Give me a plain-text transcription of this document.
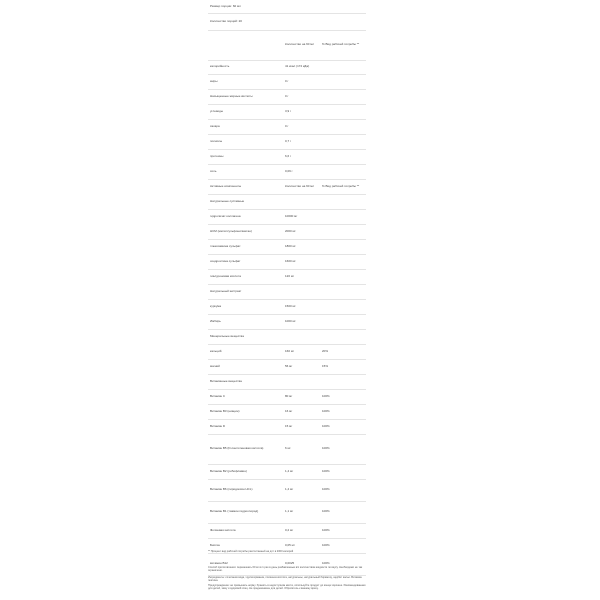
Размер порции: 60 мл		
Количество порций: 20		
	Количество на 60 мл	% Вид рабочей потребы **
калорийность	41 ккал (172 кДж)	
жиры	0 г	
Насыщенные жирные кислоты	0 г	
углеводы	3,9 г	
сахара	0 г	
полиолы	0,7 г	
протеины	6,6 г	
соль	0,09 г	
Активные компоненты	Количество на 60 мл	% Вид рабочей потребы **
Натуральные суставные		
гидролизат коллагена	10000 мг	
НСМ (метилсульфонилметан)	2000 мг	
глюкозамина сульфат	1800 мг	
хондроитина сульфат	1600 мг	
гиалуроновая кислота	120 мг	
Натуральный экстракт		
куркума	1500 мг	
Имбирь	1000 мг	
Минеральные вещества		
кальций	160 мг	20%
магний	56 мг	15%
Витаминные вещества		
Витамин C	80 мг	100%
Витамин B3 (ниацин)	16 мг	100%
Витамин D	15 мг	100%
Витамин B5 (D-пантотеновая кислота)	6 мг	100%
Витамин B2 (рибофлавин)	1,4 мг	100%
Витамин B6 (пиридоксин HCL)	1,4 мг	100%
Витамин B1 (тиамин гидрохлорид)	1,1 мг	100%
Фолиевая кислота	0,2 мг	100%
Биотин	0,05 мг	100%
витамин B12	0,0025	100%
** Процент вид рабочей потребы рассчитанный на длт в 2000 калорий
Способ приготовления: перемешать 60 мл в 1 раз в день разбавленные в/с количеством жидкости по вкусу. Необходимо не так ограничено.
Ингредиенты: сочетания вода, хрулатерманиа, полиеназ кислота, натуральны, натуральный бирамозу, щербет кальи. Витамин пектина.
Предупреждение: не превышать норму. Хранить в недоступном месте, используйте продукт до конца хорошее. Рекомендованная для детей, зиму и здоровой спец. Не предназначен для детей. Обратитесь к вашему врачу.
